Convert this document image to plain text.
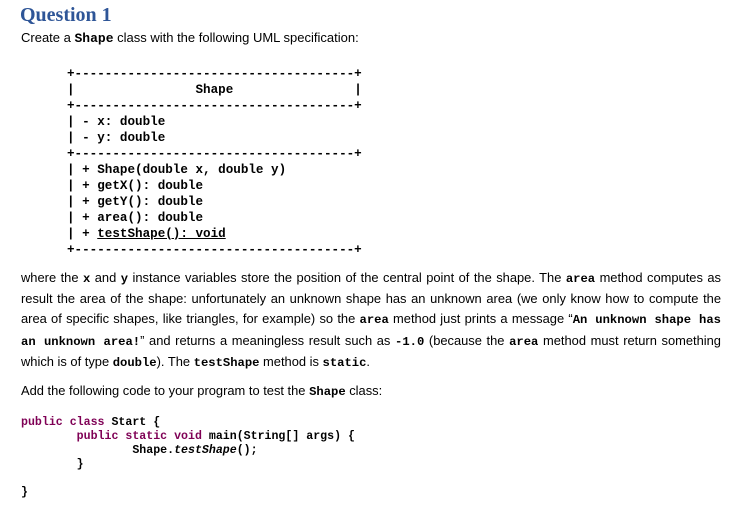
Question 1
Create a Shape class with the following UML specification:
+-------------------------------------+
|	Shape	|
+-------------------------------------+
| - x: double
| - y: double
+-------------------------------------+
| + Shape(double x, double y)
| + getX(): double
| + getY(): double
| + area(): double
| + testShape(): void
+-------------------------------------+
where the x and y instance variables store the position of the central point of the shape. The area method computes as result the area of the shape: unfortunately an unknown shape has an unknown area (we only know how to compute the area of specific shapes, like triangles, for example) so the area method just prints a message “An unknown shape has an unknown area!” and returns a meaningless result such as -1.0 (because the area method must return something which is of type double). The testShape method is static.
Add the following code to your program to test the Shape class:
public class Start {
public static void main(String[] args) {
Shape.testShape();
}
}
